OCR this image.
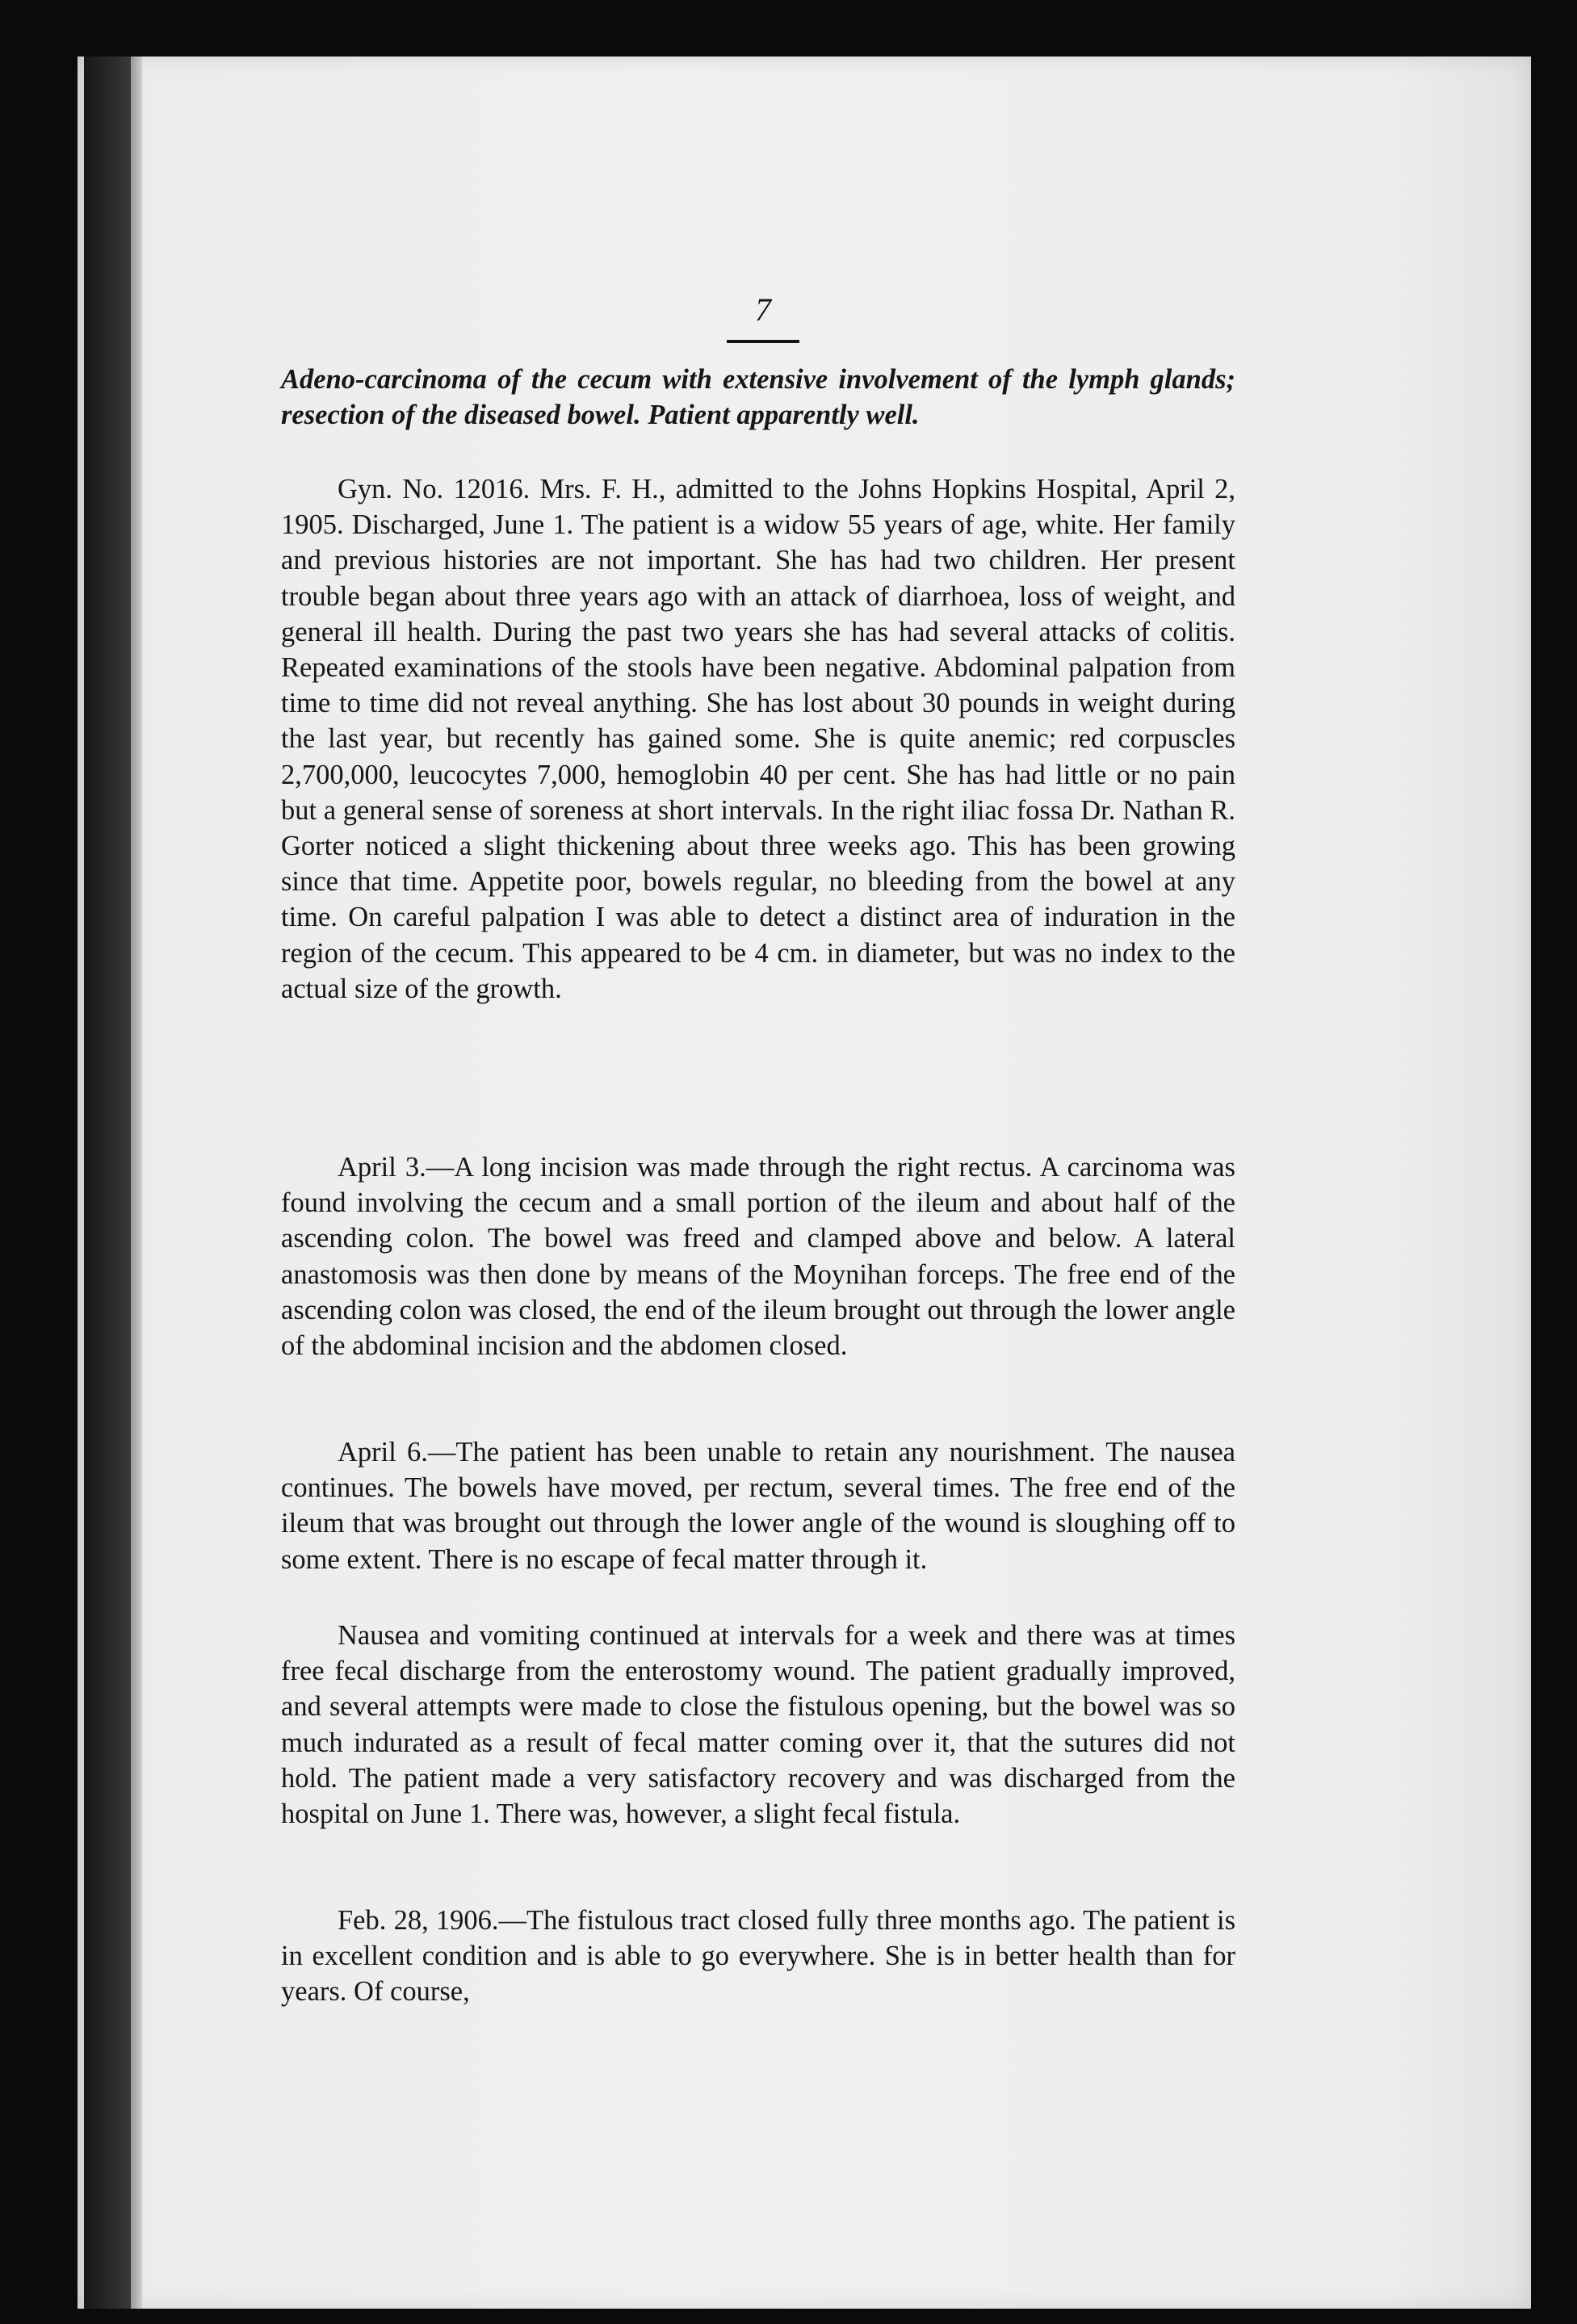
7
Adeno-carcinoma of the cecum with extensive involvement of the lymph glands; resection of the diseased bowel. Patient apparently well.

Gyn. No. 12016. Mrs. F. H., admitted to the Johns Hopkins Hospital, April 2, 1905. Discharged, June 1. The patient is a widow 55 years of age, white. Her family and previous histories are not important. She has had two children. Her present trouble began about three years ago with an attack of diarrhoea, loss of weight, and general ill health. During the past two years she has had several attacks of colitis. Repeated examinations of the stools have been negative. Abdominal palpation from time to time did not reveal anything. She has lost about 30 pounds in weight during the last year, but recently has gained some. She is quite anemic; red corpuscles 2,700,000, leucocytes 7,000, hemoglobin 40 per cent. She has had little or no pain but a general sense of soreness at short intervals. In the right iliac fossa Dr. Nathan R. Gorter noticed a slight thickening about three weeks ago. This has been growing since that time. Appetite poor, bowels regular, no bleeding from the bowel at any time. On careful palpation I was able to detect a distinct area of induration in the region of the cecum. This appeared to be 4 cm. in diameter, but was no index to the actual size of the growth.

April 3.—A long incision was made through the right rectus. A carcinoma was found involving the cecum and a small portion of the ileum and about half of the ascending colon. The bowel was freed and clamped above and below. A lateral anastomosis was then done by means of the Moynihan forceps. The free end of the ascending colon was closed, the end of the ileum brought out through the lower angle of the abdominal incision and the abdomen closed.

April 6.—The patient has been unable to retain any nourishment. The nausea continues. The bowels have moved, per rectum, several times. The free end of the ileum that was brought out through the lower angle of the wound is sloughing off to some extent. There is no escape of fecal matter through it.

Nausea and vomiting continued at intervals for a week and there was at times free fecal discharge from the enterostomy wound. The patient gradually improved, and several attempts were made to close the fistulous opening, but the bowel was so much indurated as a result of fecal matter coming over it, that the sutures did not hold. The patient made a very satisfactory recovery and was discharged from the hospital on June 1. There was, however, a slight fecal fistula.

Feb. 28, 1906.—The fistulous tract closed fully three months ago. The patient is in excellent condition and is able to go everywhere. She is in better health than for years. Of course,
